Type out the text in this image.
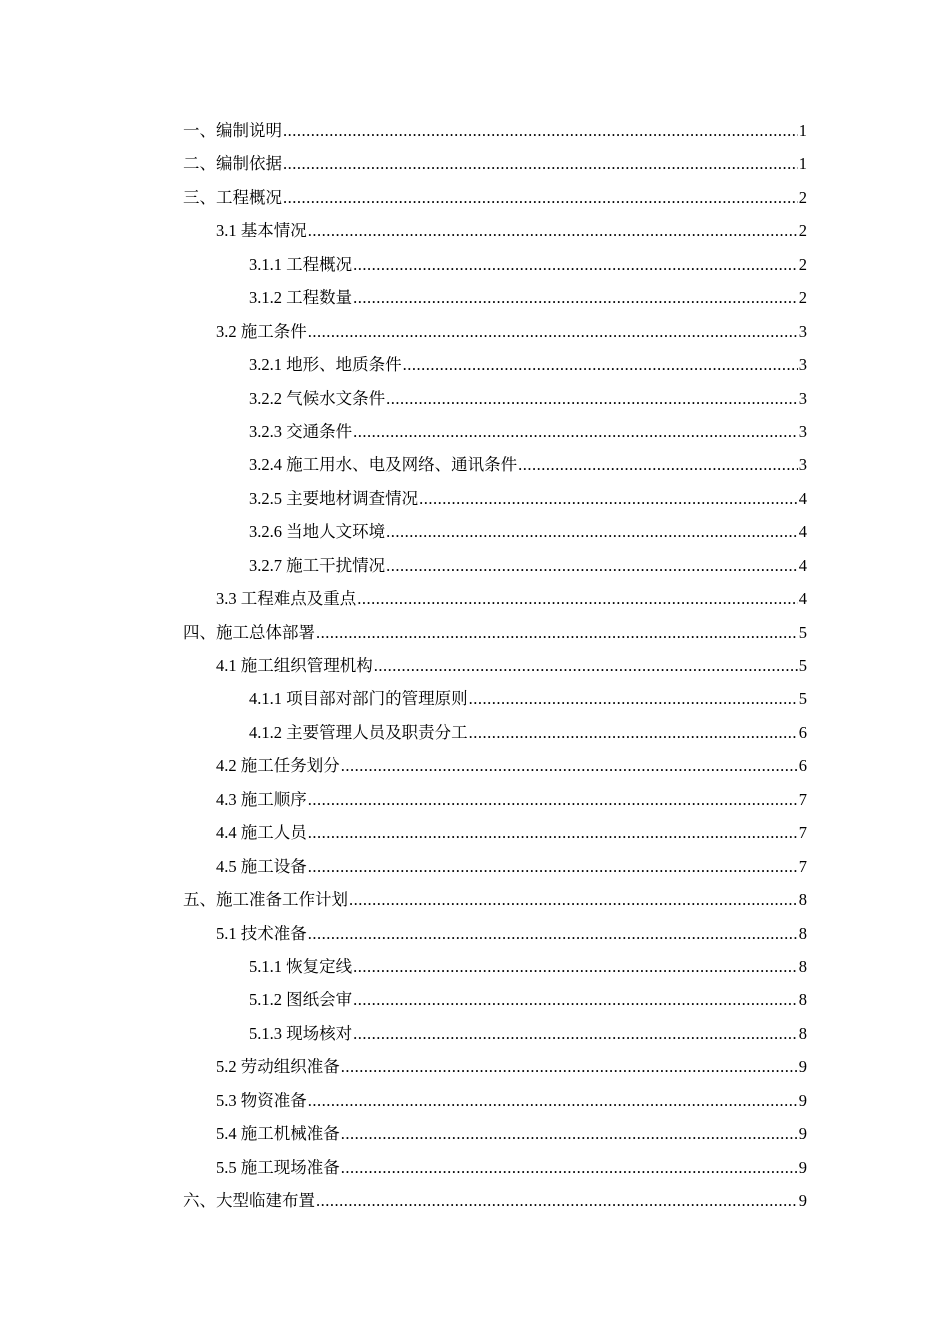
一、编制说明 .....	1
二、编制依据 .....	1
三、工程概况 .....	2
3.1 基本情况 .....	2
3.1.1 工程概况 .....	2
3.1.2 工程数量 .....	2
3.2 施工条件 .....	3
3.2.1 地形、地质条件 .....	3
3.2.2 气候水文条件 .....	3
3.2.3 交通条件 .....	3
3.2.4 施工用水、电及网络、通讯条件 .....	3
3.2.5 主要地材调查情况 .....	4
3.2.6 当地人文环境 .....	4
3.2.7 施工干扰情况 .....	4
3.3 工程难点及重点 .....	4
四、施工总体部署 .....	5
4.1 施工组织管理机构 .....	5
4.1.1 项目部对部门的管理原则 .....	5
4.1.2 主要管理人员及职责分工 .....	6
4.2 施工任务划分 .....	6
4.3 施工顺序 .....	7
4.4 施工人员 .....	7
4.5 施工设备 .....	7
五、施工准备工作计划 .....	8
5.1 技术准备 .....	8
5.1.1 恢复定线 .....	8
5.1.2 图纸会审 .....	8
5.1.3 现场核对 .....	8
5.2 劳动组织准备 .....	9
5.3 物资准备 .....	9
5.4 施工机械准备 .....	9
5.5 施工现场准备 .....	9
六、大型临建布置 .....	9
